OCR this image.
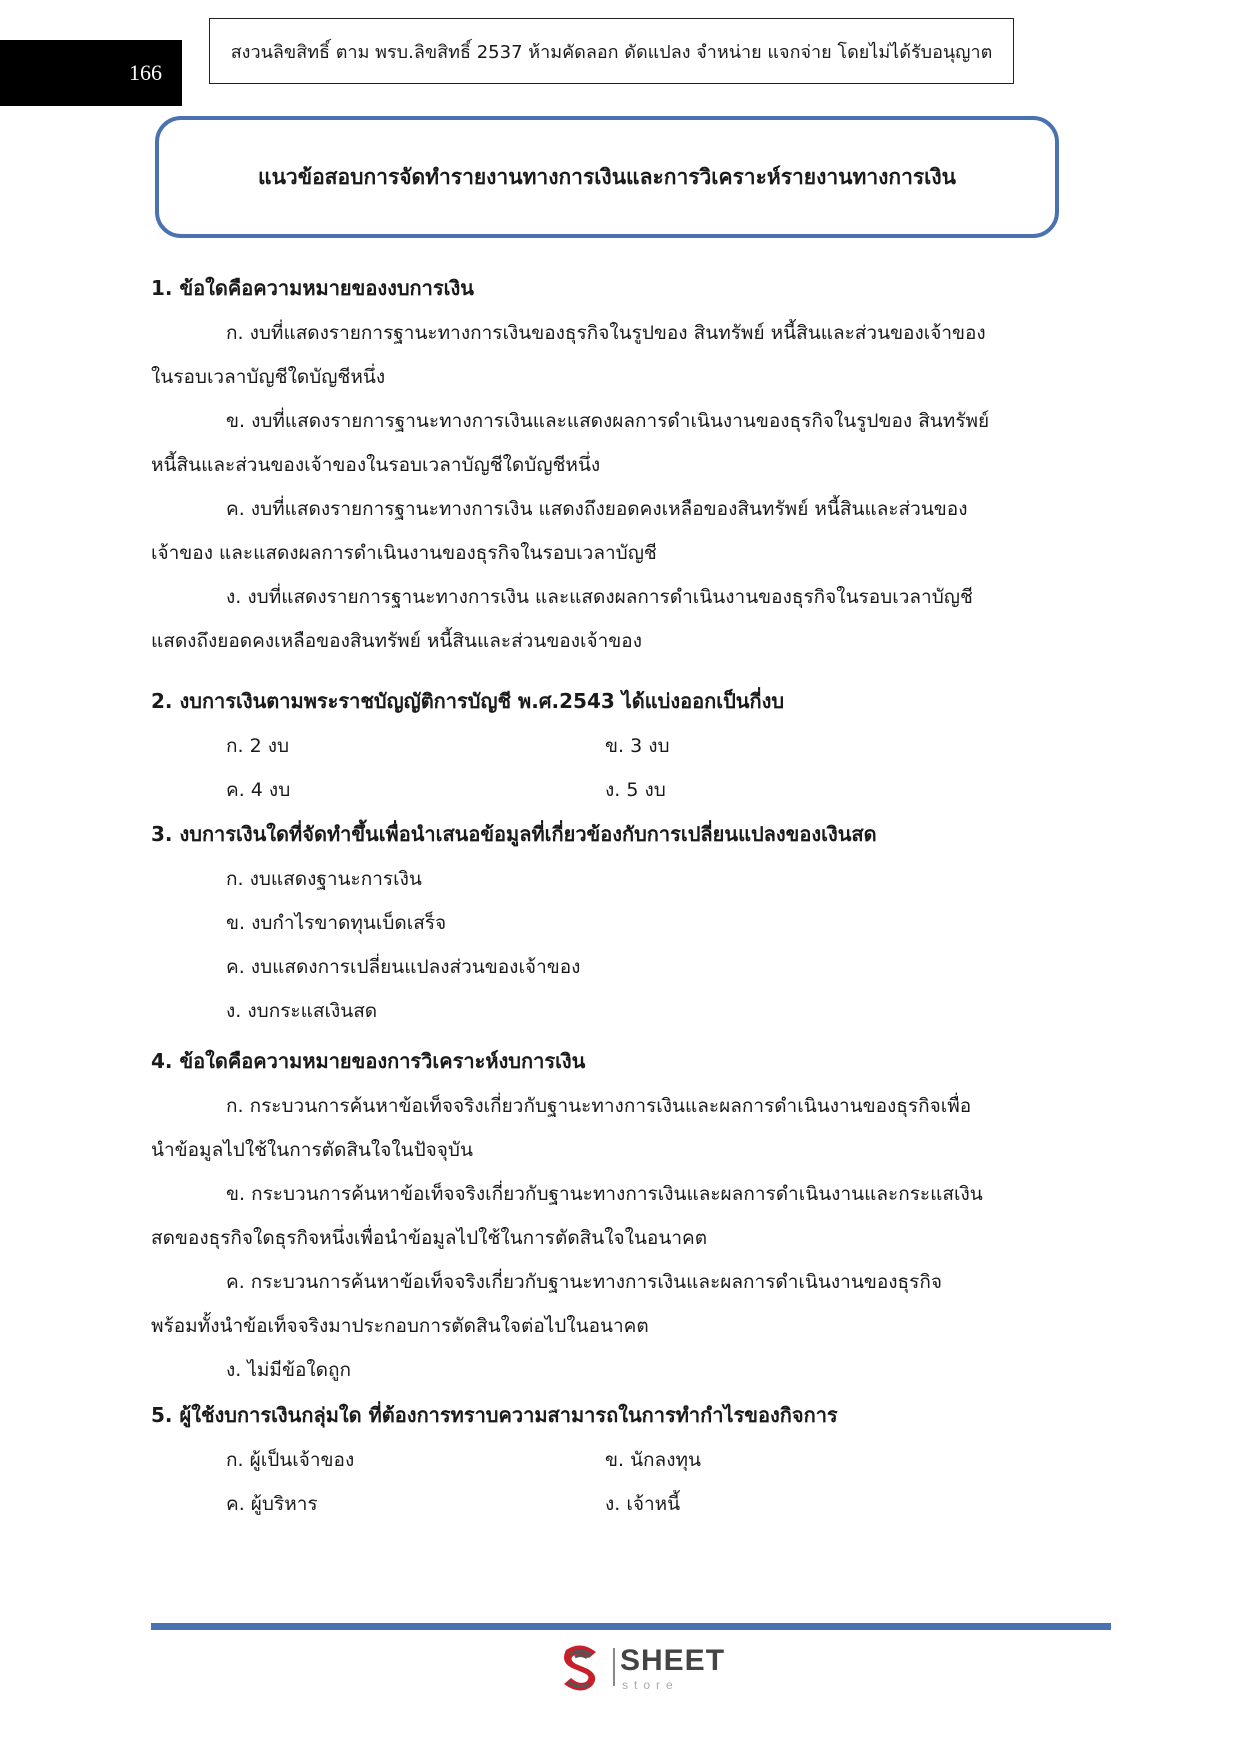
166
สงวนลิขสิทธิ์ ตาม พรบ.ลิขสิทธิ์ 2537 ห้ามคัดลอก ดัดแปลง จำหน่าย แจกจ่าย โดยไม่ได้รับอนุญาต
แนวข้อสอบการจัดทำรายงานทางการเงินและการวิเคราะห์รายงานทางการเงิน

1. ข้อใดคือความหมายของงบการเงิน

ก. งบที่แสดงรายการฐานะทางการเงินของธุรกิจในรูปของ สินทรัพย์ หนี้สินและส่วนของเจ้าของ

ในรอบเวลาบัญชีใดบัญชีหนึ่ง

ข. งบที่แสดงรายการฐานะทางการเงินและแสดงผลการดำเนินงานของธุรกิจในรูปของ สินทรัพย์

หนี้สินและส่วนของเจ้าของในรอบเวลาบัญชีใดบัญชีหนึ่ง

ค. งบที่แสดงรายการฐานะทางการเงิน แสดงถึงยอดคงเหลือของสินทรัพย์ หนี้สินและส่วนของ

เจ้าของ และแสดงผลการดำเนินงานของธุรกิจในรอบเวลาบัญชี

ง. งบที่แสดงรายการฐานะทางการเงิน และแสดงผลการดำเนินงานของธุรกิจในรอบเวลาบัญชี

แสดงถึงยอดคงเหลือของสินทรัพย์ หนี้สินและส่วนของเจ้าของ

2. งบการเงินตามพระราชบัญญัติการบัญชี พ.ศ.2543 ได้แบ่งออกเป็นกี่งบ

ก. 2 งบ	ข. 3 งบ

ค. 4 งบ	ง. 5 งบ

3. งบการเงินใดที่จัดทำขึ้นเพื่อนำเสนอข้อมูลที่เกี่ยวข้องกับการเปลี่ยนแปลงของเงินสด

ก. งบแสดงฐานะการเงิน

ข. งบกำไรขาดทุนเบ็ดเสร็จ

ค. งบแสดงการเปลี่ยนแปลงส่วนของเจ้าของ

ง. งบกระแสเงินสด

4. ข้อใดคือความหมายของการวิเคราะห์งบการเงิน

ก. กระบวนการค้นหาข้อเท็จจริงเกี่ยวกับฐานะทางการเงินและผลการดำเนินงานของธุรกิจเพื่อ

นำข้อมูลไปใช้ในการตัดสินใจในปัจจุบัน

ข. กระบวนการค้นหาข้อเท็จจริงเกี่ยวกับฐานะทางการเงินและผลการดำเนินงานและกระแสเงิน

สดของธุรกิจใดธุรกิจหนึ่งเพื่อนำข้อมูลไปใช้ในการตัดสินใจในอนาคต

ค. กระบวนการค้นหาข้อเท็จจริงเกี่ยวกับฐานะทางการเงินและผลการดำเนินงานของธุรกิจ

พร้อมทั้งนำข้อเท็จจริงมาประกอบการตัดสินใจต่อไปในอนาคต

ง. ไม่มีข้อใดถูก

5. ผู้ใช้งบการเงินกลุ่มใด ที่ต้องการทราบความสามารถในการทำกำไรของกิจการ

ก. ผู้เป็นเจ้าของ	ข. นักลงทุน

ค. ผู้บริหาร	ง. เจ้าหนี้

SHEET
store
